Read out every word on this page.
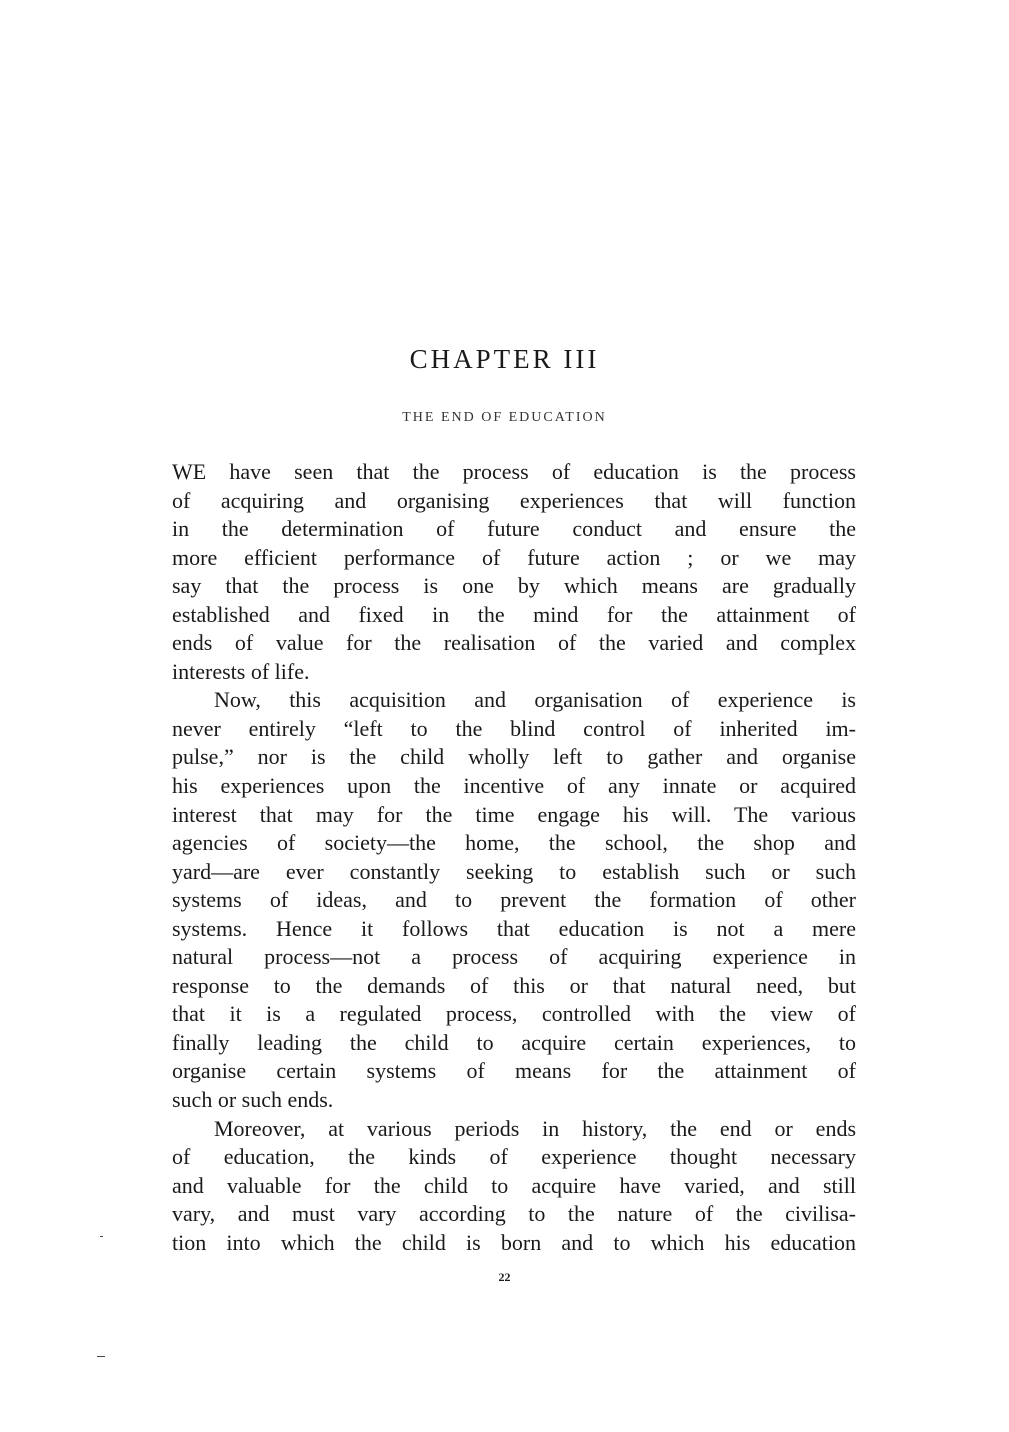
CHAPTER III
THE END OF EDUCATION

WE have seen that the process of education is the process
of acquiring and organising experiences that will function
in the determination of future conduct and ensure the
more efficient performance of future action ; or we may
say that the process is one by which means are gradually
established and fixed in the mind for the attainment of
ends of value for the realisation of the varied and complex
interests of life.

Now, this acquisition and organisation of experience is
never entirely “left to the blind control of inherited im-
pulse,” nor is the child wholly left to gather and organise
his experiences upon the incentive of any innate or acquired
interest that may for the time engage his will. The various
agencies of society—the home, the school, the shop and
yard—are ever constantly seeking to establish such or such
systems of ideas, and to prevent the formation of other
systems. Hence it follows that education is not a mere
natural process—not a process of acquiring experience in
response to the demands of this or that natural need, but
that it is a regulated process, controlled with the view of
finally leading the child to acquire certain experiences, to
organise certain systems of means for the attainment of
such or such ends.

Moreover, at various periods in history, the end or ends
of education, the kinds of experience thought necessary
and valuable for the child to acquire have varied, and still
vary, and must vary according to the nature of the civilisa-
tion into which the child is born and to which his education

22
